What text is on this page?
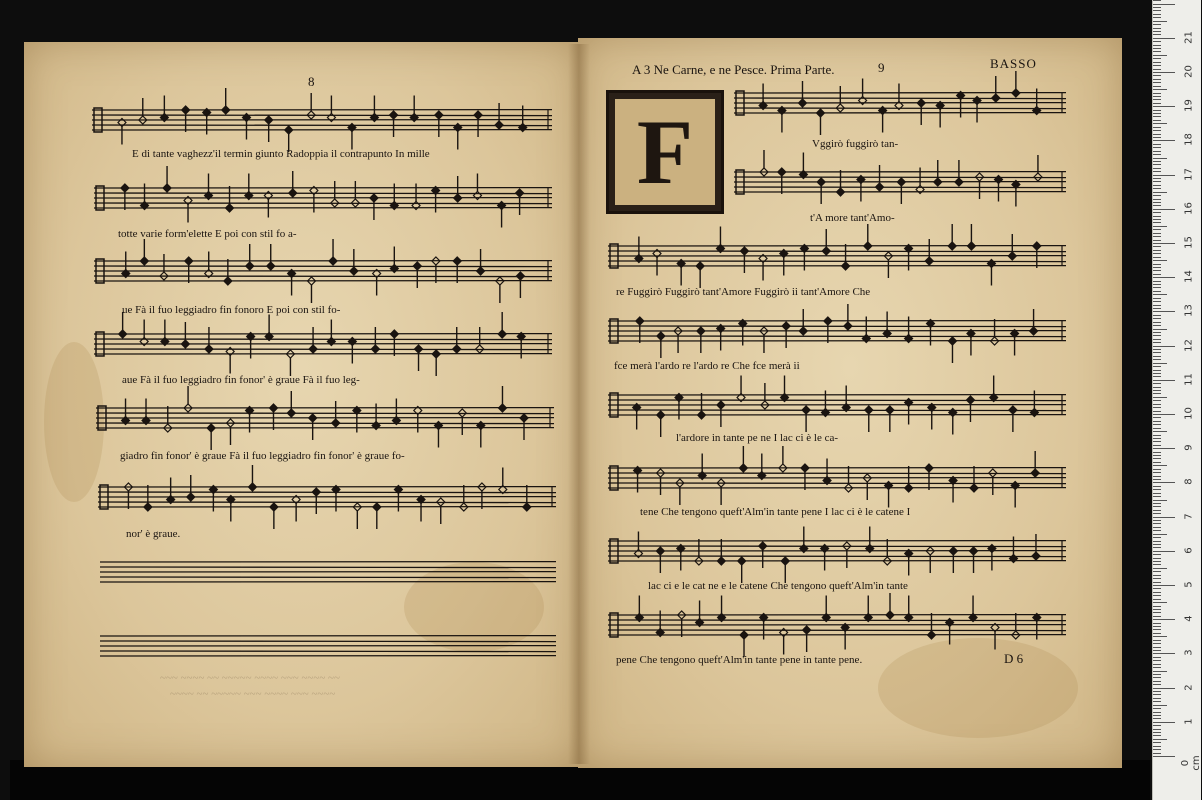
8
E di tante vaghezz'il termin giunto Radoppia il contrapunto In mille
totte varie form'elette E poi con stil fo a-
ue Fà il fuo leggiadro fin fonoro E poi con stil fo-
aue Fà il fuo leggiadro fin fonor' è graue Fà il fuo leg-
giadro fin fonor' è graue Fà il fuo leggiadro fin fonor' è graue fo-
nor' è graue.
~~~ ~~~~ ~~ ~~~~~ ~~~~ ~~~ ~~~~ ~~
~~~~ ~~ ~~~~~ ~~~ ~~~~ ~~~ ~~~~
A 3 Ne Carne, e ne Pesce. Prima Parte.	9	BASSO
F	Vggirò fuggirò tan-
t'A more tant'Amo-
re Fuggirò Fuggirò tant'Amore Fuggirò ii tant'Amore Che
fce merà l'ardo re l'ardo re Che fce merà ii
l'ardore in tante pe ne I lac ci è le ca-
tene Che tengono queft'Alm'in tante pene I lac ci è le catene I
lac ci e le cat ne e le catene Che tengono queft'Alm'in tante
pene Che tengono queft'Alm'in tante pene in tante pene.	D 6
0 cm
1
2
3
4
5
6
7
8
9
10
11
12
13
14
15
16
17
18
19
20
21
